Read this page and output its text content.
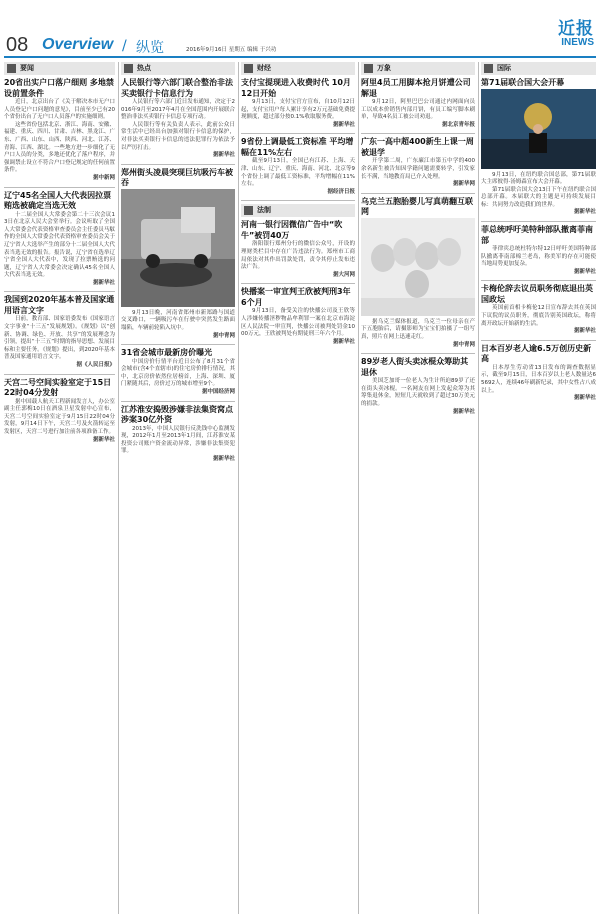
08 Overview / 纵览	2016年9月16日 星期五 编辑 于兴功
近报
INEWS
要闻
20省出实户口落户细则 多地禁设前置条件

近日，北京出台了《关于解决本市无户口人员登记户口问题的意见》，目前至少已有20个省份出台了无户口人员落户的实施细则。

这些省份包括北京、浙江、海南、安徽、福建、重庆、四川、甘肃、吉林、黑龙江、广东、广西、山东、山西、陕西、河北、江苏、青海、江西、湖北。一些地方进一步细化了无户口人员的分类，多地还优化了落户程序，并强调禁止设立不符合户口登记规定的任何前置条件。

据中新网

辽宁45名全国人大代表因拉票贿选被确定当选无效

十二届全国人大常委会第二十三次会议13日在北京人民大会堂举行。会议听取了全国人大常委会代表资格审查委员会主任委员马馼作的全国人大常委会代表资格审查委员会关于辽宁省人大选举产生的部分十二届全国人大代表当选无效的报告。报告说，辽宁省在选举辽宁省全国人大代表中，发现了拉票贿选的问题，辽宁省人大常委会决定确认45名全国人大代表当选无效。

据新华社

我国到2020年基本普及国家通用语言文字

日前，教育部、国家语委发布《国家语言文字事业“十三五”发展规划》。《规划》以“创新、协调、绿色、开放、共享”的发展理念为引领，提出“十三五”时期的指导思想、发展目标和主要任务。《规划》提出，到2020年基本普及国家通用语言文字。

据《人民日报》

天宫二号空间实验室定于15日22时04分发射

据中国载人航天工程新闻发言人，办公室副主任郭梅10日在酒泉卫星发射中心宣布，天宫二号空间实验室定于9月15日22时04分发射，9月14日下午，天宫二号及火箭转运至发射区，天宫二号进行加注前各项准备工作。

据新华社

热点
人民银行等六部门联合整治非法买卖银行卡信息行为

人民银行等六部门近日发布通知，决定于2016年9月至2017年4月在全国范围内开展联合整治非法买卖银行卡信息专项行动。

人民银行等有关负责人表示，此前公众日常生活中已经出台加强对银行卡信息的保护，对非法买卖银行卡信息的违法犯罪行为依法予以严厉打击。

据新华社

郑州街头凌晨突现巨坑吸污车被吞

9月13日晚，河南省郑州市新郑路与国道交叉路口，一辆吸污车在行驶中突然发生路面塌陷，车辆前轮陷入坑中。

据中青网

31省会城市最新房价曝光

中国房价行情平台近日公布了8月31个省会城市(含4个直辖市)的住宅房价排行情况，其中，北京房价依然位居榜首，上海、深圳、厦门紧随其后，房价过万的城市增至9个。

据中国经济网

江苏淮安捣毁涉嫌非法集资窝点涉案30亿外资

2013年，中国人民银行反洗钱中心监测发现，2012年1月至2013年1月间，江苏淮安某投资公司账户资金流动异常，涉嫌非法集资犯罪。

据新华社

财经
支付宝提现进入收费时代 10月12日开始

9月13日，支付宝官方宣布，自10月12日起，支付宝用户每人累计享有2万元基础免费提现额度，超过部分按0.1%收取服务费。

据新华社

9省份上调最低工资标准 平均增幅在11%左右

截至9月13日，全国已有江苏、上海、天津、山东、辽宁、重庆、海南、河北、北京等9个省份上调了最低工资标准，平均增幅在11%左右。

据经济日报

法制
河南一银行因微信广告中“吹牛”被罚40万

洛阳银行郑州分行的微信公众号，开设的理财类栏目中存在广告违法行为。郑州市工商局依法对其作出罚款处罚，责令其停止发布违法广告。

据大河网

快播案一审宣判王欣被判刑3年6个月

9月13日，备受关注的快播公司及王欣等人涉嫌传播淫秽物品牟利罪一案在北京市海淀区人民法院一审宣判，快播公司被判处罚金1000万元，王欣被判处有期徒刑三年六个月。

据新华社

万象
阿里4员工用脚本抢月饼遭公司解退

9月12日，阿里巴巴公司通过内网面向员工以成本价销售内部月饼，有员工编写脚本刷单，导致4名员工被公司劝退。

据北京青年报

广东一高中超400新生上课一周被退学

开学第二周，广东廉江市第五中学的400余名新生被告知因学籍问题需要转学，引发家长不满，当地教育局已介入处理。

据新华网

乌克兰五胞胎婴儿写真萌翻互联网

据乌克兰媒体报道，乌克兰一位母亲在产下五胞胎后，请摄影师为宝宝们拍摄了一组写真，照片在网上迅速走红。

据中青网

89岁老人街头卖冰棍众筹助其退休

美国芝加哥一位老人为生计所迫89岁了还在街头卖冰棍。一名网友在网上发起众筹为其筹集退休金，短短几天就收到了超过30万美元的捐款。

据新华社

国际
第71届联合国大会开幕

9月13日，在纽约联合国总部，第71届联大主席彼得·汤姆森宣布大会开幕。

第71届联合国大会13日下午在纽约联合国总部开幕。本届联大的主题是可持续发展目标：共同努力改造我们的世界。

据新华社

菲总统呼吁美特种部队撤离菲南部

菲律宾总统杜特尔特12日呼吁美国特种部队撤离菲南部棉兰老岛，称美军的存在可能使当地局势更加复杂。

据新华社

卡梅伦辞去议员职务彻底退出英国政坛

英国前首相卡梅伦12日宣布辞去其在英国下议院的议员职务，彻底告别英国政坛，称将离开政坛开始新的生活。

据新华社

日本百岁老人逾6.5万创历史新高

日本厚生劳动省13日发布的调查数据显示，截至9月15日，日本百岁以上老人数量达65692人，连续46年刷新纪录，其中女性占八成以上。

据新华社
